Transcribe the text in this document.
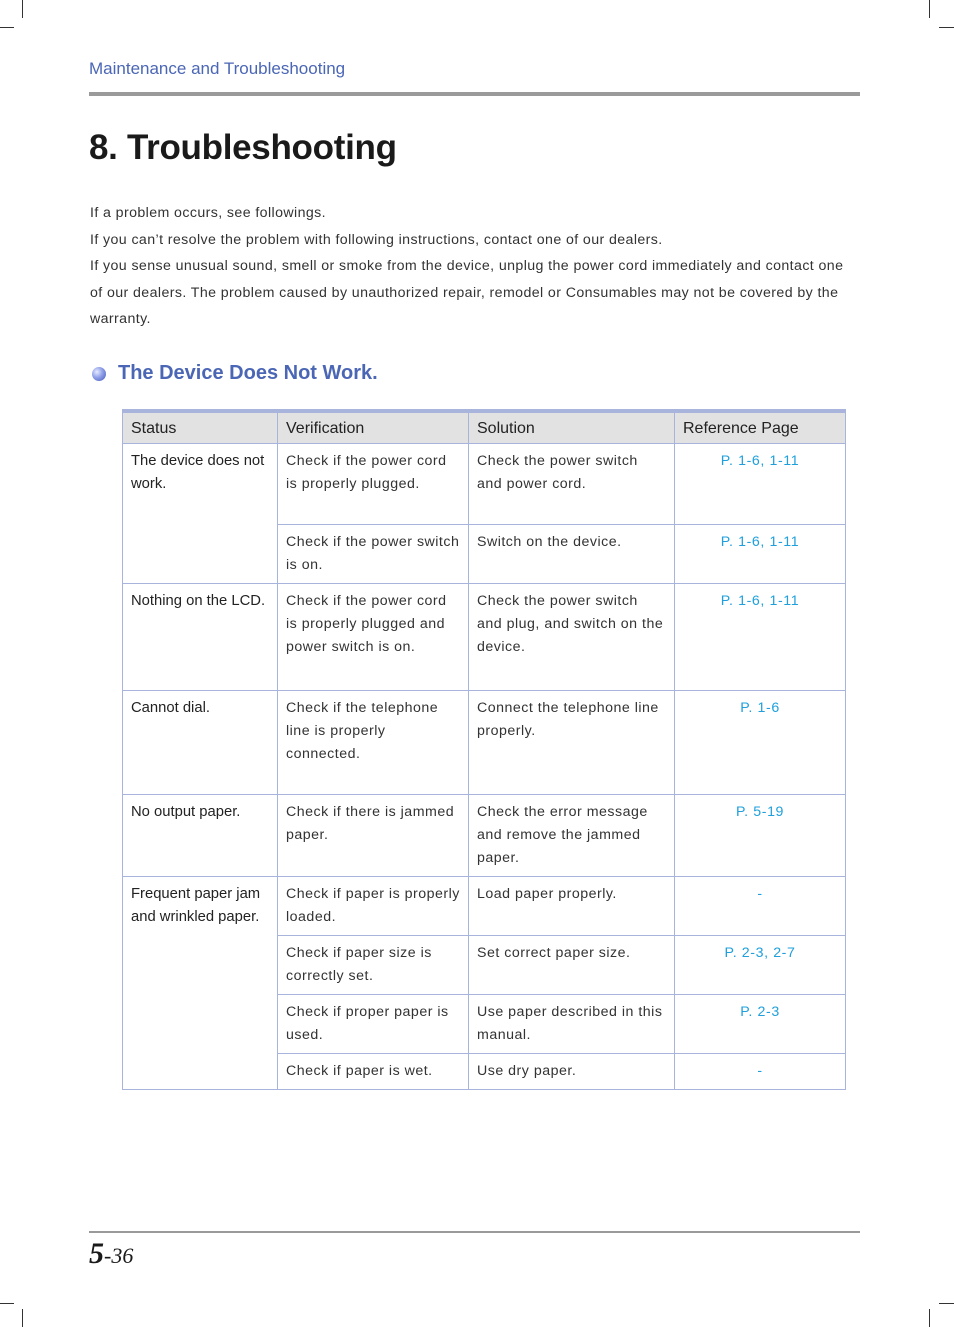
Maintenance and Troubleshooting
8. Troubleshooting

If a problem occurs, see followings.

If you can’t resolve the problem with following instructions, contact one of our dealers.

If you sense unusual sound, smell or smoke from the device, unplug the power cord immediately and contact one of our dealers. The problem caused by unauthorized repair, remodel or Consumables may not be covered by the warranty.

The Device Does Not Work.
Status	Verification	Solution	Reference Page
The device does not work.	Check if the power cord is properly plugged.	Check the power switch and power cord.	P. 1-6, 1-11
	Check if the power switch is on.	Switch on the device.	P. 1-6, 1-11
Nothing on the LCD.	Check if the power cord is properly plugged and power switch is on.	Check the power switch and plug, and switch on the device.	P. 1-6, 1-11
Cannot dial.	Check if the telephone line is properly connected.	Connect the telephone line properly.	P. 1-6
No output paper.	Check if there is jammed paper.	Check the error message and remove the jammed paper.	P. 5-19
Frequent paper jam and wrinkled paper.	Check if paper is properly loaded.	Load paper properly.	-
	Check if paper size is correctly set.	Set correct paper size.	P. 2-3, 2-7
	Check if proper paper is used.	Use paper described in this manual.	P. 2-3
	Check if paper is wet.	Use dry paper.	-
5-36
